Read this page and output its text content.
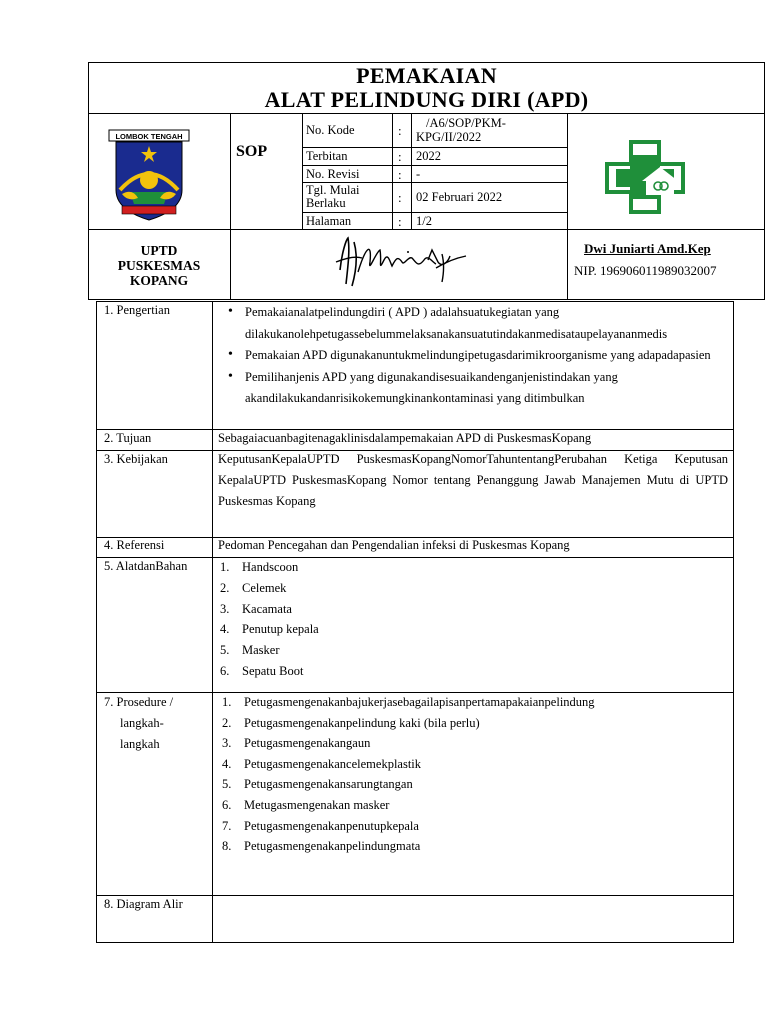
PEMAKAIAN
ALAT PELINDUNG DIRI (APD)
LOMBOK TENGAH
SOP
No. Kode
Terbitan
No. Revisi
Tgl. Mulai Berlaku
Halaman
:
:
:
:
:
/A6/SOP/PKM-KPG/II/2022
2022
-
02 Februari 2022
1/2
UPTD
PUSKESMAS
KOPANG
Dwi Juniarti Amd.Kep
NIP. 196906011989032007
1. Pengertian
•	Pemakaianalatpelindungdiri ( APD ) adalahsuatukegiatan yang dilakukanolehpetugassebelummelaksanakansuatutindakanmedisataupelayananmedis
• Pemakaian APD digunakanuntukmelindungipetugasdarimikroorganisme yang adapadapasien
• Pemilihanjenis APD yang digunakandisesuaikandenganjenistindakan yang akandilakukandanrisikokemungkinankontaminasi yang ditimbulkan
2. Tujuan	Sebagaiacuanbagitenagaklinisdalampemakaian APD di PuskesmasKopang
3. Kebijakan	KeputusanKepalaUPTD PuskesmasKopangNomorTahuntentangPerubahan Ketiga Keputusan KepalaUPTD PuskesmasKopang Nomor tentang Penanggung Jawab Manajemen Mutu di UPTD Puskesmas Kopang
4. Referensi	Pedoman Pencegahan dan Pengendalian infeksi di Puskesmas Kopang
5. AlatdanBahan	1. Handscoon
2. Celemek
3. Kacamata
4. Penutup kepala
5. Masker
6. Sepatu Boot
7. Prosedure /
langkah-
langkah
1. Petugasmengenakanbajukerjasebagailapisanpertamapakaianpelindung
2. Petugasmengenakanpelindung kaki (bila perlu)
3. Petugasmengenakangaun
4. Petugasmengenakancelemekplastik
5. Petugasmengenakansarungtangan
6. Metugasmengenakan masker
7. Petugasmengenakanpenutupkepala
8. Petugasmengenakanpelindungmata
8. Diagram Alir
